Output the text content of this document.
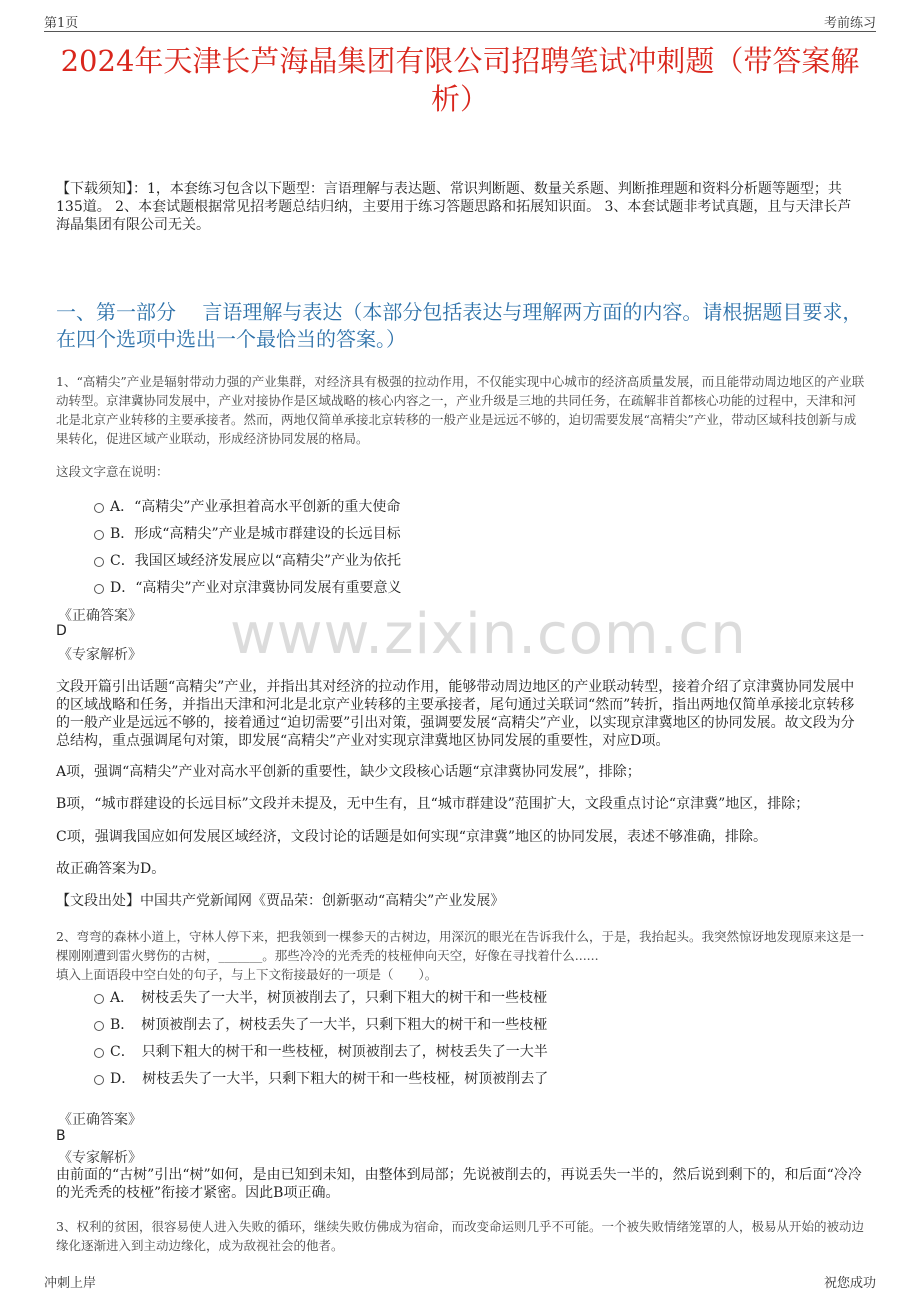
第1页	考前练习
2024年天津长芦海晶集团有限公司招聘笔试冲刺题（带答案解析）
【下载须知】：1，本套练习包含以下题型：言语理解与表达题、常识判断题、数量关系题、判断推理题和资料分析题等题型；共135道。 2、本套试题根据常见招考题总结归纳，主要用于练习答题思路和拓展知识面。 3、本套试题非考试真题，且与天津长芦海晶集团有限公司无关。
一、第一部分　 言语理解与表达（本部分包括表达与理解两方面的内容。请根据题目要求，在四个选项中选出一个最恰当的答案。）
www.zixin.com.cn
1、“高精尖”产业是辐射带动力强的产业集群，对经济具有极强的拉动作用，不仅能实现中心城市的经济高质量发展，而且能带动周边地区的产业联动转型。京津冀协同发展中，产业对接协作是区域战略的核心内容之一，产业升级是三地的共同任务，在疏解非首都核心功能的过程中，天津和河北是北京产业转移的主要承接者。然而，两地仅简单承接北京转移的一般产业是远远不够的，迫切需要发展“高精尖”产业，带动区域科技创新与成果转化，促进区域产业联动，形成经济协同发展的格局。
这段文字意在说明：
A．“高精尖”产业承担着高水平创新的重大使命
B．形成“高精尖”产业是城市群建设的长远目标
C．我国区域经济发展应以“高精尖”产业为依托
D．“高精尖”产业对京津冀协同发展有重要意义
《正确答案》
D
《专家解析》
文段开篇引出话题“高精尖”产业，并指出其对经济的拉动作用，能够带动周边地区的产业联动转型，接着介绍了京津冀协同发展中的区域战略和任务，并指出天津和河北是北京产业转移的主要承接者，尾句通过关联词“然而”转折，指出两地仅简单承接北京转移的一般产业是远远不够的，接着通过“迫切需要”引出对策，强调要发展“高精尖”产业，以实现京津冀地区的协同发展。故文段为分总结构，重点强调尾句对策，即发展“高精尖”产业对实现京津冀地区协同发展的重要性，对应D项。
A项，强调“高精尖”产业对高水平创新的重要性，缺少文段核心话题“京津冀协同发展”，排除；
B项，“城市群建设的长远目标”文段并未提及，无中生有，且“城市群建设”范围扩大，文段重点讨论“京津冀”地区，排除；
C项，强调我国应如何发展区域经济，文段讨论的话题是如何实现“京津冀”地区的协同发展，表述不够准确，排除。
故正确答案为D。
【文段出处】中国共产党新闻网《贾品荣：创新驱动“高精尖”产业发展》
2、弯弯的森林小道上，守林人停下来，把我领到一棵参天的古树边，用深沉的眼光在告诉我什么，于是，我抬起头。我突然惊讶地发现原来这是一棵刚刚遭到雷火劈伤的古树，_______。那些冷冷的光秃秃的枝桠伸向天空，好像在寻找着什么......
填入上面语段中空白处的句子，与上下文衔接最好的一项是（　　）。
A．　树枝丢失了一大半，树顶被削去了，只剩下粗大的树干和一些枝桠
B．　树顶被削去了，树枝丢失了一大半，只剩下粗大的树干和一些枝桠
C．　只剩下粗大的树干和一些枝桠，树顶被削去了，树枝丢失了一大半
D．　树枝丢失了一大半，只剩下粗大的树干和一些枝桠，树顶被削去了
《正确答案》
B
《专家解析》
由前面的“古树”引出“树”如何，是由已知到未知，由整体到局部；先说被削去的，再说丢失一半的，然后说到剩下的，和后面“冷冷的光秃秃的枝桠”衔接才紧密。因此B项正确。
3、权利的贫困，很容易使人进入失败的循环，继续失败仿佛成为宿命，而改变命运则几乎不可能。一个被失败情绪笼罩的人，极易从开始的被动边缘化逐渐进入到主动边缘化，成为敌视社会的他者。
冲刺上岸	祝您成功
